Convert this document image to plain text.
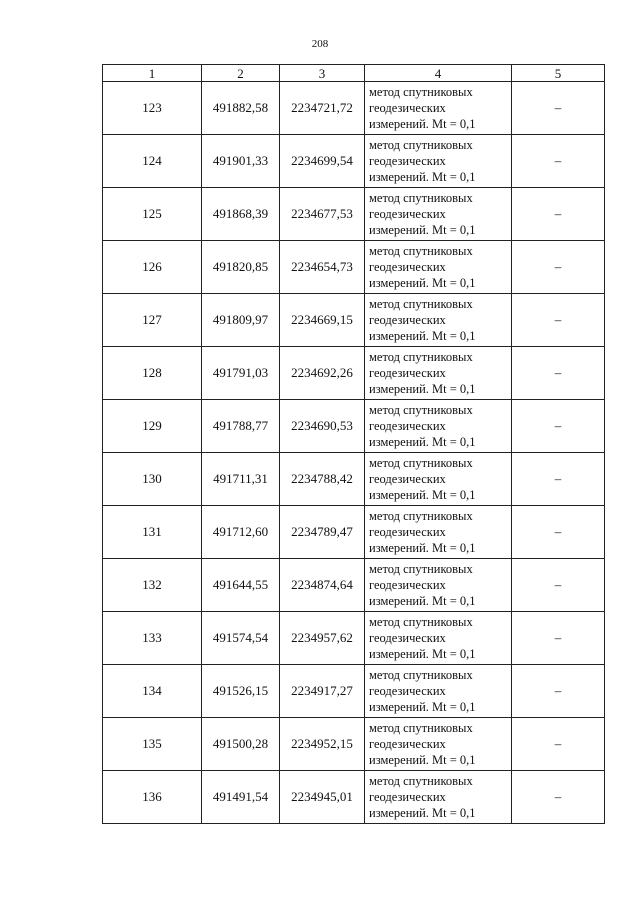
208
1	2	3	4	5
123	491882,58	2234721,72	метод спутниковых
геодезических
измерений. Mt = 0,1	–
124	491901,33	2234699,54	метод спутниковых
геодезических
измерений. Mt = 0,1	–
125	491868,39	2234677,53	метод спутниковых
геодезических
измерений. Mt = 0,1	–
126	491820,85	2234654,73	метод спутниковых
геодезических
измерений. Mt = 0,1	–
127	491809,97	2234669,15	метод спутниковых
геодезических
измерений. Mt = 0,1	–
128	491791,03	2234692,26	метод спутниковых
геодезических
измерений. Mt = 0,1	–
129	491788,77	2234690,53	метод спутниковых
геодезических
измерений. Mt = 0,1	–
130	491711,31	2234788,42	метод спутниковых
геодезических
измерений. Mt = 0,1	–
131	491712,60	2234789,47	метод спутниковых
геодезических
измерений. Mt = 0,1	–
132	491644,55	2234874,64	метод спутниковых
геодезических
измерений. Mt = 0,1	–
133	491574,54	2234957,62	метод спутниковых
геодезических
измерений. Mt = 0,1	–
134	491526,15	2234917,27	метод спутниковых
геодезических
измерений. Mt = 0,1	–
135	491500,28	2234952,15	метод спутниковых
геодезических
измерений. Mt = 0,1	–
136	491491,54	2234945,01	метод спутниковых
геодезических
измерений. Mt = 0,1	–
